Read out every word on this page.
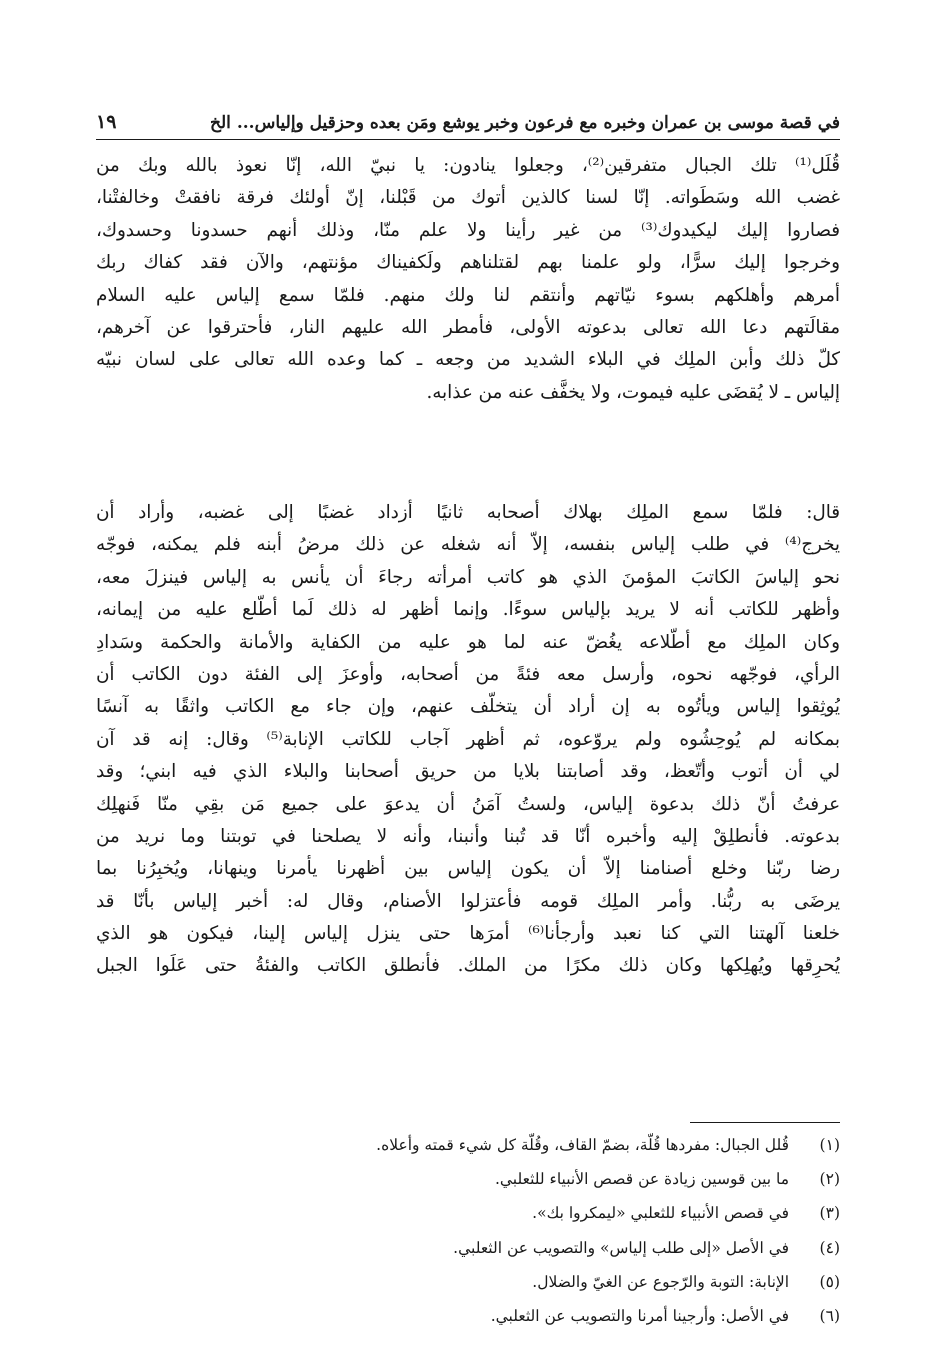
في قصة موسى بن عمران وخبره مع فرعون وخبر يوشع ومَن بعده وحزقيل وإلياس... الخ
١٩
قُلَل⁽¹⁾ تلك الجبال متفرقين⁽²⁾، وجعلوا ينادون: يا نبيّ الله، إنّا نعوذ بالله وبك من
غضب الله وسَطَواته. إنّا لسنا كالذين أتوك من قَبْلنا، إنّ أولئك فرقة نافقتْ وخالفتْنا،
فصاروا إليك ليكيدوك⁽³⁾ من غير رأينا ولا علم منّا، وذلك أنهم حسدونا وحسدوك،
وخرجوا إليك سرًّا، ولو علمنا بهم لقتلناهم ولَكفيناك مؤنتهم، والآن فقد كفاك ربك
أمرهم وأهلكهم بسوء نيّاتهم وأنتقم لنا ولك منهم. فلمّا سمع إلياس عليه السلام
مقالَتهم دعا الله تعالى بدعوته الأولى، فأمطر الله عليهم النار، فأحترقوا عن آخرهم،
كلّ ذلك وأبن الملِك في البلاء الشديد من وجعه ـ كما وعده الله تعالى على لسان نبيّه
إلياس ـ لا يُقضَى عليه فيموت، ولا يخفَّف عنه من عذابه.
قال: فلمّا سمع الملِك بهلاك أصحابه ثانيًا أزداد غضبًا إلى غضبه، وأراد أن
يخرج⁽⁴⁾ في طلب إلياس بنفسه، إلاّ أنه شغله عن ذلك مرضُ أبنه فلم يمكنه، فوجّه
نحو إلياسَ الكاتبَ المؤمنَ الذي هو كاتب أمرأته رجاءَ أن يأنس به إلياس فينزلَ معه،
وأظهر للكاتب أنه لا يريد بإلياس سوءًا. وإنما أظهر له ذلك لَما أطّلع عليه من إيمانه،
وكان الملِك مع أطّلاعه يغُضّ عنه لما هو عليه من الكفاية والأمانة والحكمة وسَدادِ
الرأي، فوجّهه نحوه، وأرسل معه فئةً من أصحابه، وأوعزَ إلى الفئة دون الكاتب أن
يُوثِقوا إلياس ويأتُوه به إن أراد أن يتخلّف عنهم، وإن جاء مع الكاتب واثقًا به آنسًا
بمكانه لم يُوحِشُوه ولم يروّعوه، ثم أظهر آجاب للكاتب الإنابة⁽⁵⁾ وقال: إنه قد آن
لي أن أتوب وأتّعظ، وقد أصابتنا بلايا من حريق أصحابنا والبلاء الذي فيه ابني؛ وقد
عرفتُ أنّ ذلك بدعوة إلياس، ولستُ آمَنُ أن يدعوَ على جميع مَن بقِي منّا فَنهلِك
بدعوته. فأنطلِقْ إليه وأخبره أنّا قد تُبنا وأنبنا، وأنه لا يصلحنا في توبتنا وما نريد من
رضا ربّنا وخلع أصنامنا إلاّ أن يكون إلياس بين أظهرنا يأمرنا وينهانا، ويُخبِرُنا بما
يرضَى به ربُّنا. وأمر الملِك قومه فأعتزلوا الأصنام، وقال له: أخبر إلياس بأنّا قد
خلعنا آلهتنا التي كنا نعبد وأرجأنا⁽⁶⁾ أمرَها حتى ينزل إلياس إلينا، فيكون هو الذي
يُحرِقها ويُهلِكها وكان ذلك مكرًا من الملك. فأنطلق الكاتب والفئةُ حتى عَلَوا الجبل
(١) قُلل الجبال: مفردها قُلّة، بضمّ القاف، وقُلّة كل شيء قمته وأعلاه.
(٢) ما بين قوسين زيادة عن قصص الأنبياء للثعلبي.
(٣) في قصص الأنبياء للثعلبي «ليمكروا بك».
(٤) في الأصل «إلى طلب إلياس» والتصويب عن الثعلبي.
(٥) الإنابة: التوبة والرّجوع عن الغيّ والضلال.
(٦) في الأصل: وأرجينا أمرنا والتصويب عن الثعلبي.
